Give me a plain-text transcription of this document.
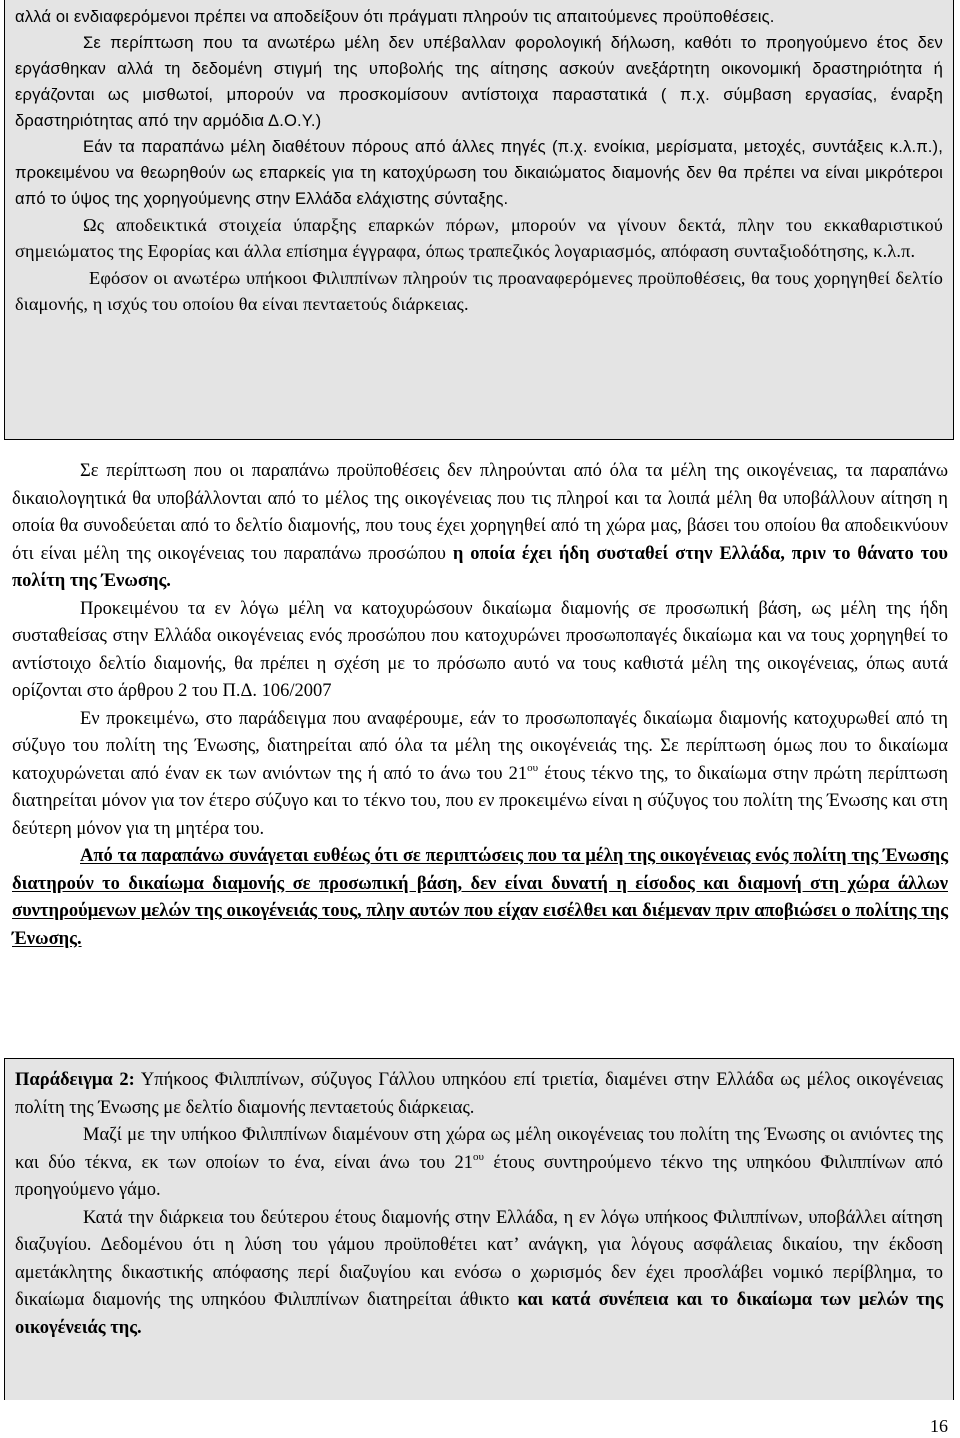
αλλά οι ενδιαφερόμενοι πρέπει να αποδείξουν ότι πράγματι πληρούν τις απαιτούμενες προϋποθέσεις.

Σε περίπτωση που τα ανωτέρω μέλη δεν υπέβαλλαν φορολογική δήλωση, καθότι το προηγούμενο έτος δεν εργάσθηκαν αλλά τη δεδομένη στιγμή της υποβολής της αίτησης ασκούν ανεξάρτητη οικονομική δραστηριότητα ή εργάζονται ως μισθωτοί, μπορούν να προσκομίσουν αντίστοιχα παραστατικά ( π.χ. σύμβαση εργασίας, έναρξη δραστηριότητας από την αρμόδια Δ.Ο.Υ.)

Εάν τα παραπάνω μέλη διαθέτουν πόρους από άλλες πηγές (π.χ. ενοίκια, μερίσματα, μετοχές, συντάξεις κ.λ.π.), προκειμένου να θεωρηθούν ως επαρκείς για τη κατοχύρωση του δικαιώματος διαμονής δεν θα πρέπει να είναι μικρότεροι από το ύψος της χορηγούμενης στην Ελλάδα ελάχιστης σύνταξης.

Ως αποδεικτικά στοιχεία ύπαρξης επαρκών πόρων, μπορούν να γίνουν δεκτά, πλην του εκκαθαριστικού σημειώματος της Εφορίας και άλλα επίσημα έγγραφα, όπως τραπεζικός λογαριασμός, απόφαση συνταξιοδότησης, κ.λ.π.

Εφόσον οι ανωτέρω υπήκοοι Φιλιππίνων πληρούν τις προαναφερόμενες προϋποθέσεις, θα τους χορηγηθεί δελτίο διαμονής, η ισχύς του οποίου θα είναι πενταετούς διάρκειας.

Σε περίπτωση που οι παραπάνω προϋποθέσεις δεν πληρούνται από όλα τα μέλη της οικογένειας, τα παραπάνω δικαιολογητικά θα υποβάλλονται από το μέλος της οικογένειας που τις πληροί και τα λοιπά μέλη θα υποβάλλουν αίτηση η οποία θα συνοδεύεται από το δελτίο διαμονής, που τους έχει χορηγηθεί από τη χώρα μας, βάσει του οποίου θα αποδεικνύουν ότι είναι μέλη της οικογένειας του παραπάνω προσώπου η οποία έχει ήδη συσταθεί στην Ελλάδα, πριν το θάνατο του πολίτη της Ένωσης.

Προκειμένου τα εν λόγω μέλη να κατοχυρώσουν δικαίωμα διαμονής σε προσωπική βάση, ως μέλη της ήδη συσταθείσας στην Ελλάδα οικογένειας ενός προσώπου που κατοχυρώνει προσωποπαγές δικαίωμα και να τους χορηγηθεί το αντίστοιχο δελτίο διαμονής, θα πρέπει η σχέση με το πρόσωπο αυτό να τους καθιστά μέλη της οικογένειας, όπως αυτά ορίζονται στο άρθρου 2 του Π.Δ. 106/2007

Εν προκειμένω, στο παράδειγμα που αναφέρουμε, εάν το προσωποπαγές δικαίωμα διαμονής κατοχυρωθεί από τη σύζυγο του πολίτη της Ένωσης, διατηρείται από όλα τα μέλη της οικογένειάς της. Σε περίπτωση όμως που το δικαίωμα κατοχυρώνεται από έναν εκ των ανιόντων της ή από το άνω του $21^{o\upsilon}$ έτους τέκνο της, το δικαίωμα στην πρώτη περίπτωση διατηρείται μόνον για τον έτερο σύζυγο και το τέκνο του, που εν προκειμένω είναι η σύζυγος του πολίτη της Ένωσης και στη δεύτερη μόνον για τη μητέρα του.

Από τα παραπάνω συνάγεται ευθέως ότι σε περιπτώσεις που τα μέλη της οικογένειας ενός πολίτη της Ένωσης διατηρούν το δικαίωμα διαμονής σε προσωπική βάση, δεν είναι δυνατή η είσοδος και διαμονή στη χώρα άλλων συντηρούμενων μελών της οικογένειάς τους, πλην αυτών που είχαν εισέλθει και διέμεναν πριν αποβιώσει ο πολίτης της Ένωσης.

Παράδειγμα 2: Υπήκοος Φιλιππίνων, σύζυγος Γάλλου υπηκόου επί τριετία, διαμένει στην Ελλάδα ως μέλος οικογένειας πολίτη της Ένωσης με δελτίο διαμονής πενταετούς διάρκειας.

Μαζί με την υπήκοο Φιλιππίνων διαμένουν στη χώρα ως μέλη οικογένειας του πολίτη της Ένωσης οι ανιόντες της και δύο τέκνα, εκ των οποίων το ένα, είναι άνω του $21^{o\upsilon}$ έτους συντηρούμενο τέκνο της υπηκόου Φιλιππίνων από προηγούμενο γάμο.

Κατά την διάρκεια του δεύτερου έτους διαμονής στην Ελλάδα, η εν λόγω υπήκοος Φιλιππίνων, υποβάλλει αίτηση διαζυγίου. Δεδομένου ότι η λύση του γάμου προϋποθέτει κατ’ ανάγκη, για λόγους ασφάλειας δικαίου, την έκδοση αμετάκλητης δικαστικής απόφασης περί διαζυγίου και ενόσω ο χωρισμός δεν έχει προσλάβει νομικό περίβλημα, το δικαίωμα διαμονής της υπηκόου Φιλιππίνων διατηρείται άθικτο και κατά συνέπεια και το δικαίωμα των μελών της οικογένειάς της.

16
